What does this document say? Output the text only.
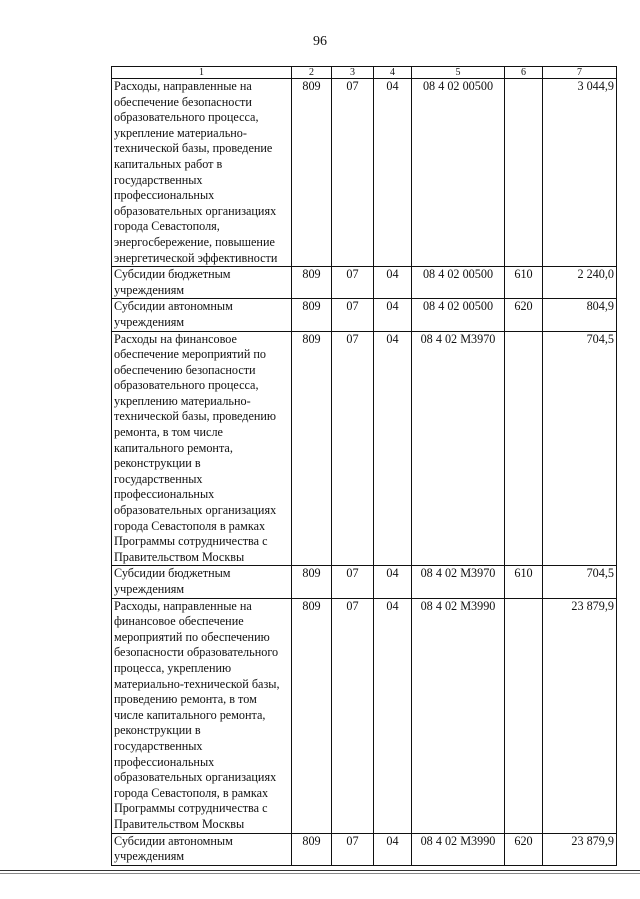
96
1	2	3	4	5	6	7
Расходы, направленные на обеспечение безопасности образовательного процесса, укрепление материально-технической базы, проведение капитальных работ в государственных профессиональных образовательных организациях города Севастополя, энергосбережение, повышение энергетической эффективности	809	07	04	08 4 02 00500		3 044,9
Субсидии бюджетным учреждениям	809	07	04	08 4 02 00500	610	2 240,0
Субсидии автономным учреждениям	809	07	04	08 4 02 00500	620	804,9
Расходы на финансовое обеспечение мероприятий по обеспечению безопасности образовательного процесса, укреплению материально-технической базы, проведению ремонта, в том числе капитального ремонта, реконструкции в государственных профессиональных образовательных организациях города Севастополя в рамках Программы сотрудничества с Правительством Москвы	809	07	04	08 4 02 М3970		704,5
Субсидии бюджетным учреждениям	809	07	04	08 4 02 М3970	610	704,5
Расходы, направленные на финансовое обеспечение мероприятий по обеспечению безопасности образовательного процесса, укреплению материально-технической базы, проведению ремонта, в том числе капитального ремонта, реконструкции в государственных профессиональных образовательных организациях города Севастополя, в рамках Программы сотрудничества с Правительством Москвы	809	07	04	08 4 02 М3990		23 879,9
Субсидии автономным учреждениям	809	07	04	08 4 02 М3990	620	23 879,9
